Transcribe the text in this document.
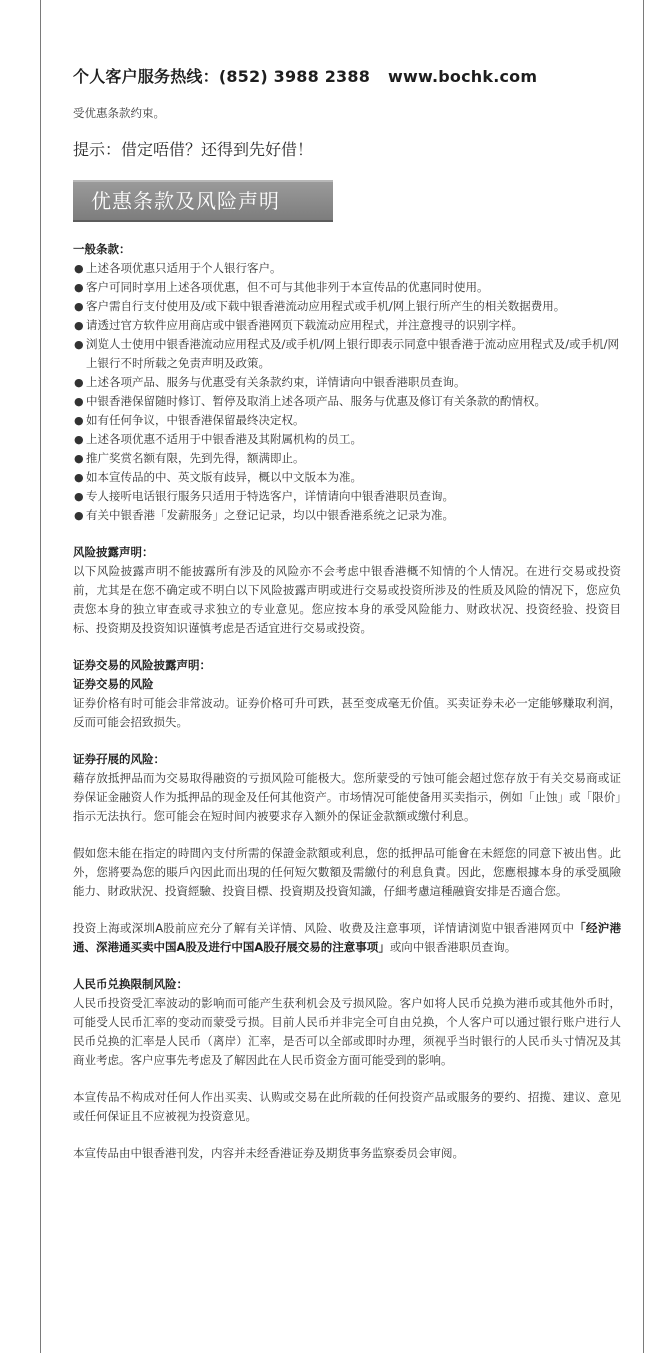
个人客户服务热线：(852) 3988 2388 www.bochk.com

受优惠条款约束。

提示：借定唔借？还得到先好借！

优惠条款及风险声明

一般条款：

● 上述各项优惠只适用于个人银行客户。
● 客户可同时享用上述各项优惠，但不可与其他非列于本宣传品的优惠同时使用。
● 客户需自行支付使用及/或下载中银香港流动应用程式或手机/网上银行所产生的相关数据费用。
● 请透过官方软件应用商店或中银香港网页下载流动应用程式，并注意搜寻的识别字样。
● 浏览人士使用中银香港流动应用程式及/或手机/网上银行即表示同意中银香港于流动应用程式及/或手机/网上银行不时所载之免责声明及政策。
● 上述各项产品、服务与优惠受有关条款约束，详情请向中银香港职员查询。
● 中银香港保留随时修订、暂停及取消上述各项产品、服务与优惠及修订有关条款的酌情权。
● 如有任何争议，中银香港保留最终决定权。
● 上述各项优惠不适用于中银香港及其附属机构的员工。
● 推广奖赏名额有限，先到先得，额满即止。
● 如本宣传品的中、英文版有歧异，概以中文版本为准。
● 专人接听电话银行服务只适用于特选客户，详情请向中银香港职员查询。
● 有关中银香港「发薪服务」之登记记录，均以中银香港系统之记录为准。

风险披露声明：

以下风险披露声明不能披露所有涉及的风险亦不会考虑中银香港概不知情的个人情况。在进行交易或投资前，尤其是在您不确定或不明白以下风险披露声明或进行交易或投资所涉及的性质及风险的情况下，您应负责您本身的独立审查或寻求独立的专业意见。您应按本身的承受风险能力、财政状况、投资经验、投资目标、投资期及投资知识谨慎考虑是否适宜进行交易或投资。

证券交易的风险披露声明：

证券交易的风险

证券价格有时可能会非常波动。证券价格可升可跌，甚至变成毫无价值。买卖证券未必一定能够赚取利润，反而可能会招致损失。

证券孖展的风险：

藉存放抵押品而为交易取得融资的亏损风险可能极大。您所蒙受的亏蚀可能会超过您存放于有关交易商或证券保证金融资人作为抵押品的现金及任何其他资产。市场情况可能使备用买卖指示，例如「止蚀」或「限价」指示无法执行。您可能会在短时间内被要求存入额外的保证金款额或缴付利息。

假如您未能在指定的時間內支付所需的保證金款額或利息，您的抵押品可能會在未經您的同意下被出售。此外，您將要為您的賬戶內因此而出現的任何短欠數額及需繳付的利息負責。因此，您應根據本身的承受風險能力、財政狀況、投資經驗、投資目標、投資期及投資知識，仔細考慮這種融資安排是否適合您。

投资上海或深圳A股前应充分了解有关详情、风险、收费及注意事项，详情请浏览中银香港网页中「经沪港通、深港通买卖中国A股及进行中国A股孖展交易的注意事项」或向中银香港职员查询。

人民币兑换限制风险：

人民币投资受汇率波动的影响而可能产生获利机会及亏损风险。客户如将人民币兑换为港币或其他外币时，可能受人民币汇率的变动而蒙受亏损。目前人民币并非完全可自由兑换，个人客户可以通过银行账户进行人民币兑换的汇率是人民币（离岸）汇率，是否可以全部或即时办理，须视乎当时银行的人民币头寸情况及其商业考虑。客户应事先考虑及了解因此在人民币资金方面可能受到的影响。

本宣传品不构成对任何人作出买卖、认购或交易在此所载的任何投资产品或服务的要约、招揽、建议、意见或任何保证且不应被视为投资意见。

本宣传品由中银香港刊发，内容并未经香港证券及期货事务监察委员会审阅。
